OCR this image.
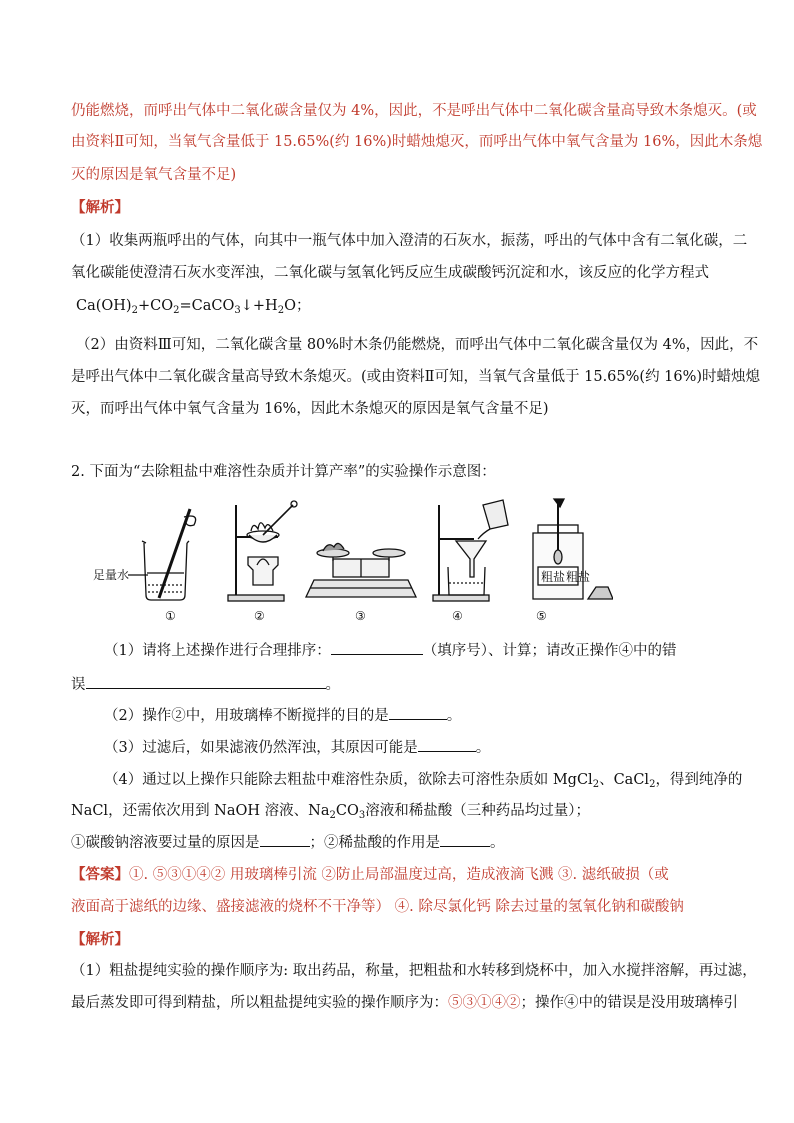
仍能燃烧，而呼出气体中二氧化碳含量仅为 4%，因此，不是呼出气体中二氧化碳含量高导致木条熄灭。(或
由资料Ⅱ可知，当氧气含量低于 15.65%(约 16%)时蜡烛熄灭，而呼出气体中氧气含量为 16%，因此木条熄
灭的原因是氧气含量不足)
【解析】
（1）收集两瓶呼出的气体，向其中一瓶气体中加入澄清的石灰水，振荡，呼出的气体中含有二氧化碳，二
氧化碳能使澄清石灰水变浑浊，二氧化碳与氢氧化钙反应生成碳酸钙沉淀和水，该反应的化学方程式
$Ca(OH)_2+CO_2=CaCO_3↓+H_2O$；
（2）由资料Ⅲ可知，二氧化碳含量 80%时木条仍能燃烧，而呼出气体中二氧化碳含量仅为 4%，因此，不
是呼出气体中二氧化碳含量高导致木条熄灭。(或由资料Ⅱ可知，当氧气含量低于 15.65%(约 16%)时蜡烛熄
灭，而呼出气体中氧气含量为 16%，因此木条熄灭的原因是氧气含量不足)
2. 下面为“去除粗盐中难溶性杂质并计算产率”的实验操作示意图：
足量水	粗盐 粗盐
①	②	③	④	⑤
（1）请将上述操作进行合理排序：	（填序号）、计算；请改正操作④中的错
误	。
（2）操作②中，用玻璃棒不断搅拌的目的是	。
（3）过滤后，如果滤液仍然浑浊，其原因可能是	。
（4）通过以上操作只能除去粗盐中难溶性杂质，欲除去可溶性杂质如 MgCl$_2$、CaCl$_2$，得到纯净的
NaCl，还需依次用到 NaOH 溶液、$Na_2CO_3$溶液和稀盐酸（三种药品均过量）；
①碳酸钠溶液要过量的原因是	；②稀盐酸的作用是	。
【答案】①. ⑤③①④② 用玻璃棒引流 ②防止局部温度过高，造成液滴飞溅 ③. 滤纸破损（或
液面高于滤纸的边缘、盛接滤液的烧杯不干净等） ④. 除尽氯化钙 除去过量的氢氧化钠和碳酸钠
【解析】
（1）粗盐提纯实验的操作顺序为: 取出药品，称量，把粗盐和水转移到烧杯中，加入水搅拌溶解，再过滤，
最后蒸发即可得到精盐，所以粗盐提纯实验的操作顺序为：⑤③①④②；操作④中的错误是没用玻璃棒引
